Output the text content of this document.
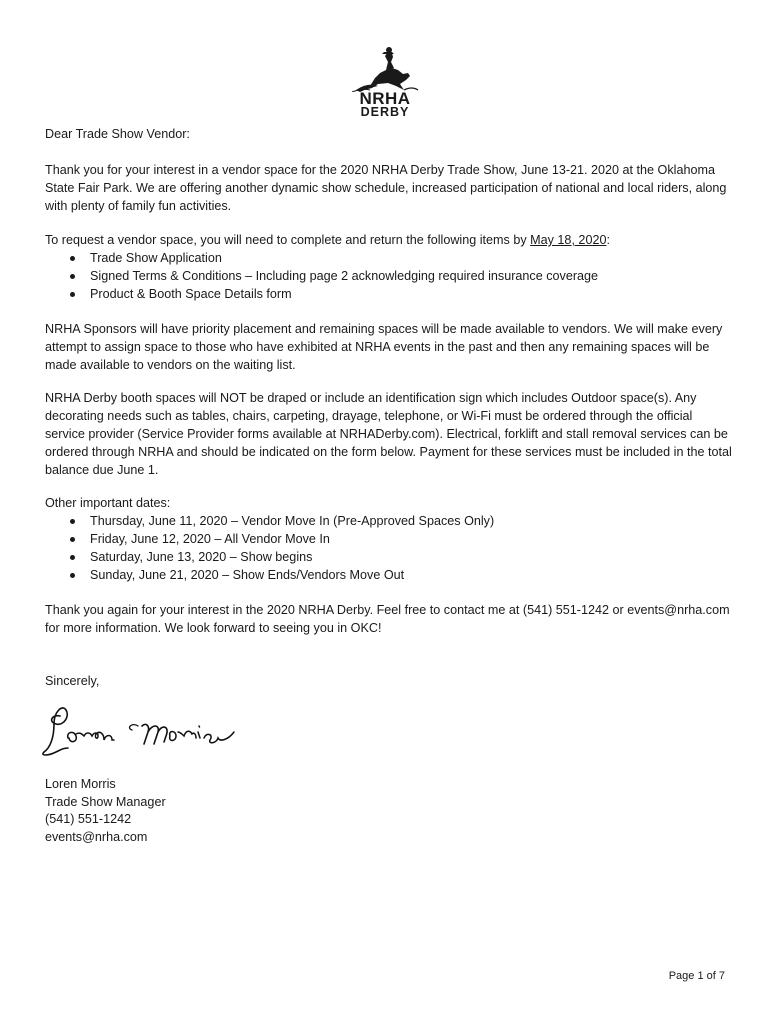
NRHA
DERBY

Dear Trade Show Vendor:

Thank you for your interest in a vendor space for the 2020 NRHA Derby Trade Show, June 13-21. 2020 at the Oklahoma State Fair Park. We are offering another dynamic show schedule, increased participation of national and local riders, along with plenty of family fun activities.

To request a vendor space, you will need to complete and return the following items by May 18, 2020:

Trade Show Application
Signed Terms & Conditions – Including page 2 acknowledging required insurance coverage
Product & Booth Space Details form

NRHA Sponsors will have priority placement and remaining spaces will be made available to vendors. We will make every attempt to assign space to those who have exhibited at NRHA events in the past and then any remaining spaces will be made available to vendors on the waiting list.

NRHA Derby booth spaces will NOT be draped or include an identification sign which includes Outdoor space(s). Any decorating needs such as tables, chairs, carpeting, drayage, telephone, or Wi-Fi must be ordered through the official service provider (Service Provider forms available at NRHADerby.com). Electrical, forklift and stall removal services can be ordered through NRHA and should be indicated on the form below. Payment for these services must be included in the total balance due June 1.

Other important dates:

Thursday, June 11, 2020 – Vendor Move In (Pre-Approved Spaces Only)
Friday, June 12, 2020 – All Vendor Move In
Saturday, June 13, 2020 – Show begins
Sunday, June 21, 2020 – Show Ends/Vendors Move Out

Thank you again for your interest in the 2020 NRHA Derby. Feel free to contact me at (541) 551-1242 or events@nrha.com for more information. We look forward to seeing you in OKC!

Sincerely,

Loren Morris

Trade Show Manager

(541) 551-1242

events@nrha.com

Page 1 of 7
